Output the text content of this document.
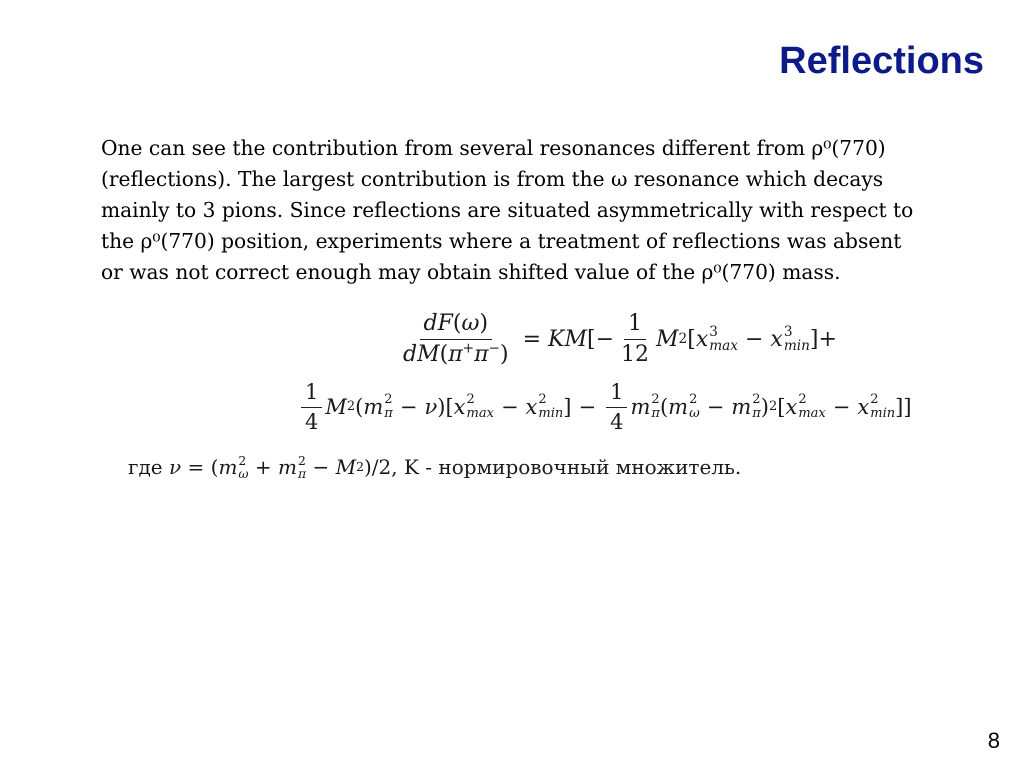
Reflections
One can see the contribution from several resonances different from ρ⁰(770)
(reflections). The largest contribution is from the ω resonance which decays
mainly to 3 pions. Since reflections are situated asymmetrically with respect to
the ρ⁰(770) position, experiments where a treatment of reflections was absent
or was not correct enough may obtain shifted value of the ρ⁰(770) mass.
$\frac{dF(\omega)}{dM(\pi^+\pi^-)}$ = KM [− $\frac{1}{12}$ M 2 [ x 3
max − x 3
min ]+
$\frac{1}{4}$ M 2 ( m 2
π − ν )[ x 2
max − x 2
min ] − $\frac{1}{4}$ m 2
π ( m 2
ω − m 2
π ) 2 [ x 2
max − x 2
min ]]
где
ν = ( m 2
ω + m 2
π − M 2 )/2 , K - нормировочный множитель.
8
